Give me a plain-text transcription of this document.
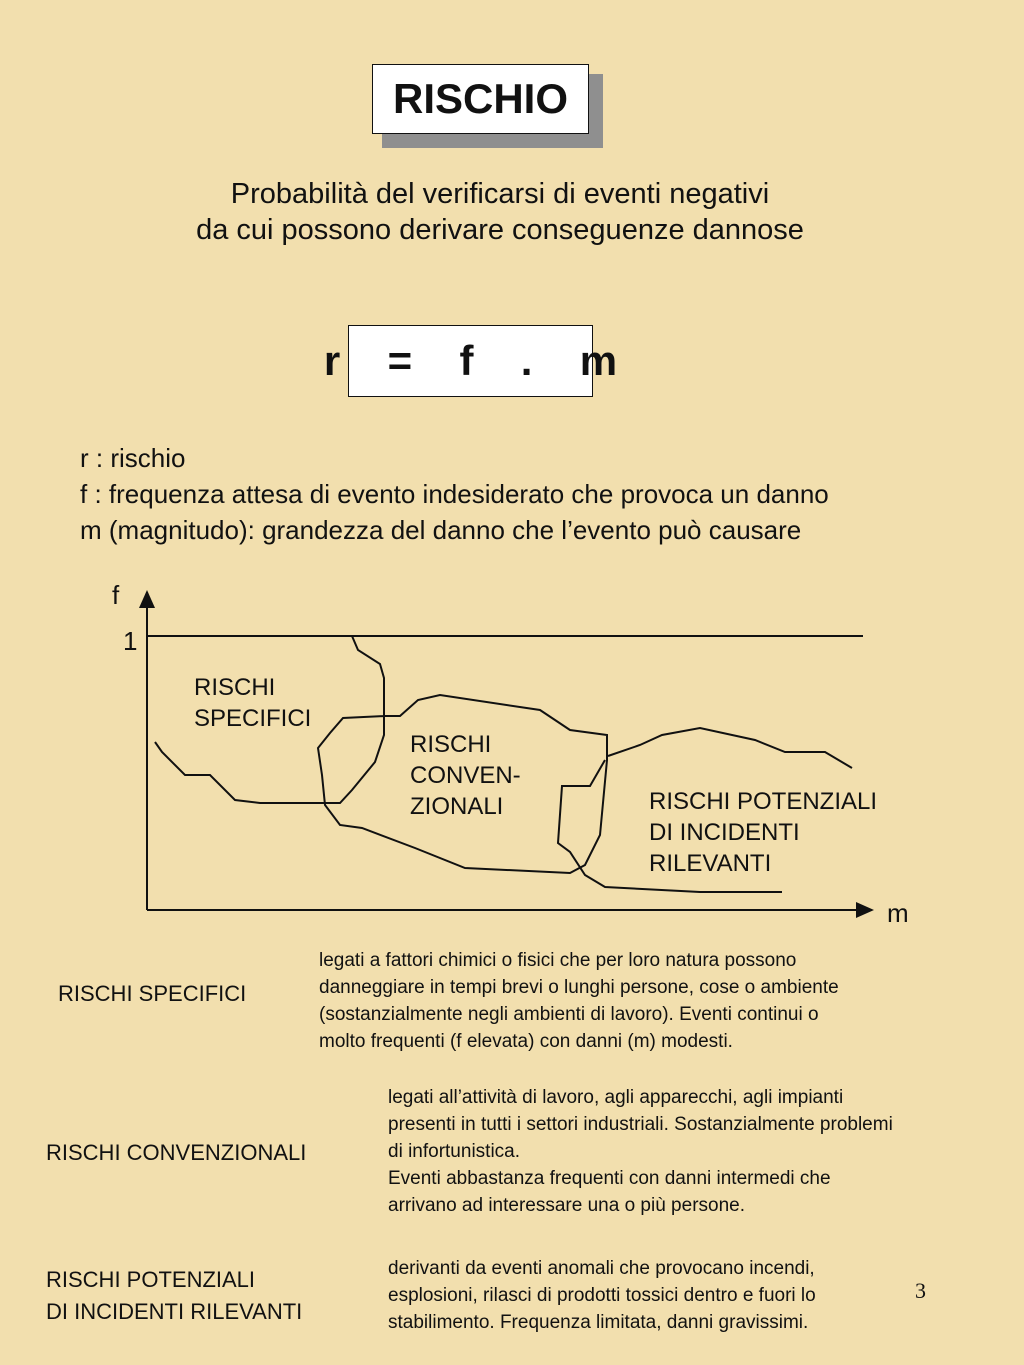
RISCHIO
Probabilità del verificarsi di eventi negativi
da cui possono derivare conseguenze dannose
r  =  f  .  m
r : rischio
f : frequenza attesa di evento indesiderato che provoca un danno
m (magnitudo): grandezza del danno che l’evento può causare
f
m
1
RISCHI SPECIFICI
RISCHI CONVEN- ZIONALI	RISCHI POTENZIALI DI INCIDENTI RILEVANTI
RISCHI SPECIFICI
legati a fattori chimici o fisici che per loro natura possono
danneggiare in tempi brevi o lunghi persone, cose o ambiente
(sostanzialmente negli ambienti di lavoro). Eventi continui o
molto frequenti (f elevata) con danni (m) modesti.
RISCHI CONVENZIONALI
legati all’attività di lavoro, agli apparecchi, agli impianti
presenti in tutti i settori industriali. Sostanzialmente problemi
di infortunistica.
Eventi abbastanza frequenti con danni intermedi che
arrivano ad interessare una o più persone.
RISCHI POTENZIALI
DI INCIDENTI RILEVANTI
derivanti da eventi anomali che provocano incendi,
esplosioni, rilasci di prodotti tossici dentro e fuori lo
stabilimento. Frequenza limitata, danni gravissimi.
3
